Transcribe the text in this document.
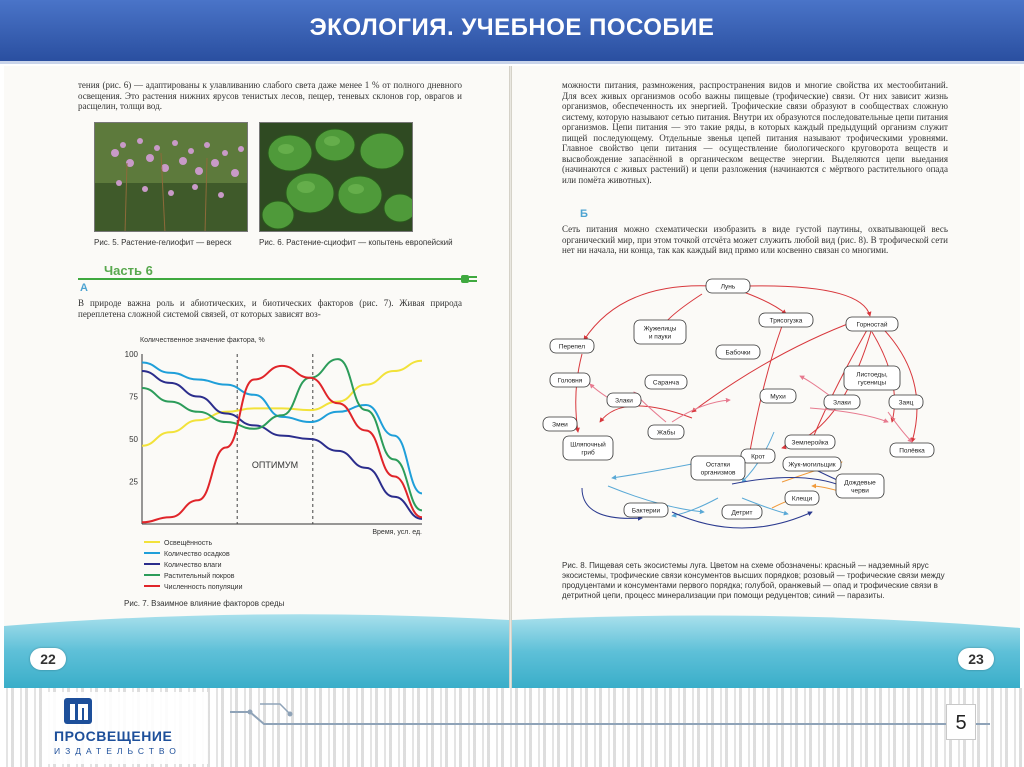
ЭКОЛОГИЯ. УЧЕБНОЕ ПОСОБИЕ
тения (рис. 6) — адаптированы к улавливанию слабого света даже менее 1 % от полного дневного освещения. Это растения нижних ярусов тенистых лесов, пещер, теневых склонов гор, оврагов и расщелин, толщи вод.
Рис. 5. Растение-гелиофит — вереск	Рис. 6. Растение-сциофит — копытень европейский
Часть 6
А
В природе важна роль и абиотических, и биотических факторов (рис. 7). Живая природа переплетена сложной системой связей, от которых зависят воз-
Количественное значение фактора, %
100
75
50
25
ОПТИМУМ
Время, усл. ед.
Освещённость
Количество осадков
Количество влаги
Растительный покров
Численность популяции
Рис. 7. Взаимное влияние факторов среды
22
можности питания, размножения, распространения видов и многие свойства их местообитаний. Для всех живых организмов особо важны пищевые (трофические) связи. От них зависит жизнь организмов, обеспеченность их энергией. Трофические связи образуют в сообществах сложную систему, которую называют сетью питания. Внутри их образуются последовательные цепи питания организмов. Цепи питания — это такие ряды, в которых каждый предыдущий организм служит пищей последующему. Отдельные звенья цепей питания называют трофическими уровнями. Главное свойство цепи питания — осуществление биологического круговорота веществ и высвобождение запасённой в органическом веществе энергии. Выделяются цепи выедания (начинаются с живых растений) и цепи разложения (начинаются с мёртвого растительного опада или помёта животных).
Б
Сеть питания можно схематически изобразить в виде густой паутины, охватывающей весь органический мир, при этом точкой отсчёта может служить любой вид (рис. 8). В трофической сети нет ни начала, ни конца, так как каждый вид прямо или косвенно связан со многими.
Лунь
Трясогузка
Горностай
Жужелицы
и пауки
Перепел
Бабочки
Листоеды,
гусеницы
Головня	Саранча
Мухи
Злаки	Злаки	Заяц
Змеи
Жабы
Землеройка
Полёвка
Шляпочный
гриб
Крот
Жук-могильщик
Остатки
организмов
Дождевые
черви
Клещи
Бактерии	Детрит
Рис. 8. Пищевая сеть экосистемы луга. Цветом на схеме обозначены: красный — надземный ярус экосистемы, трофические связи консументов высших порядков; розовый — трофические связи между продуцентами и консументами первого порядка; голубой, оранжевый — опад и трофические связи в детритной цепи, процесс минерализации при помощи редуцентов; синий — паразиты.
23
ПРОСВЕЩЕНИЕ
ИЗДАТЕЛЬСТВО
5
